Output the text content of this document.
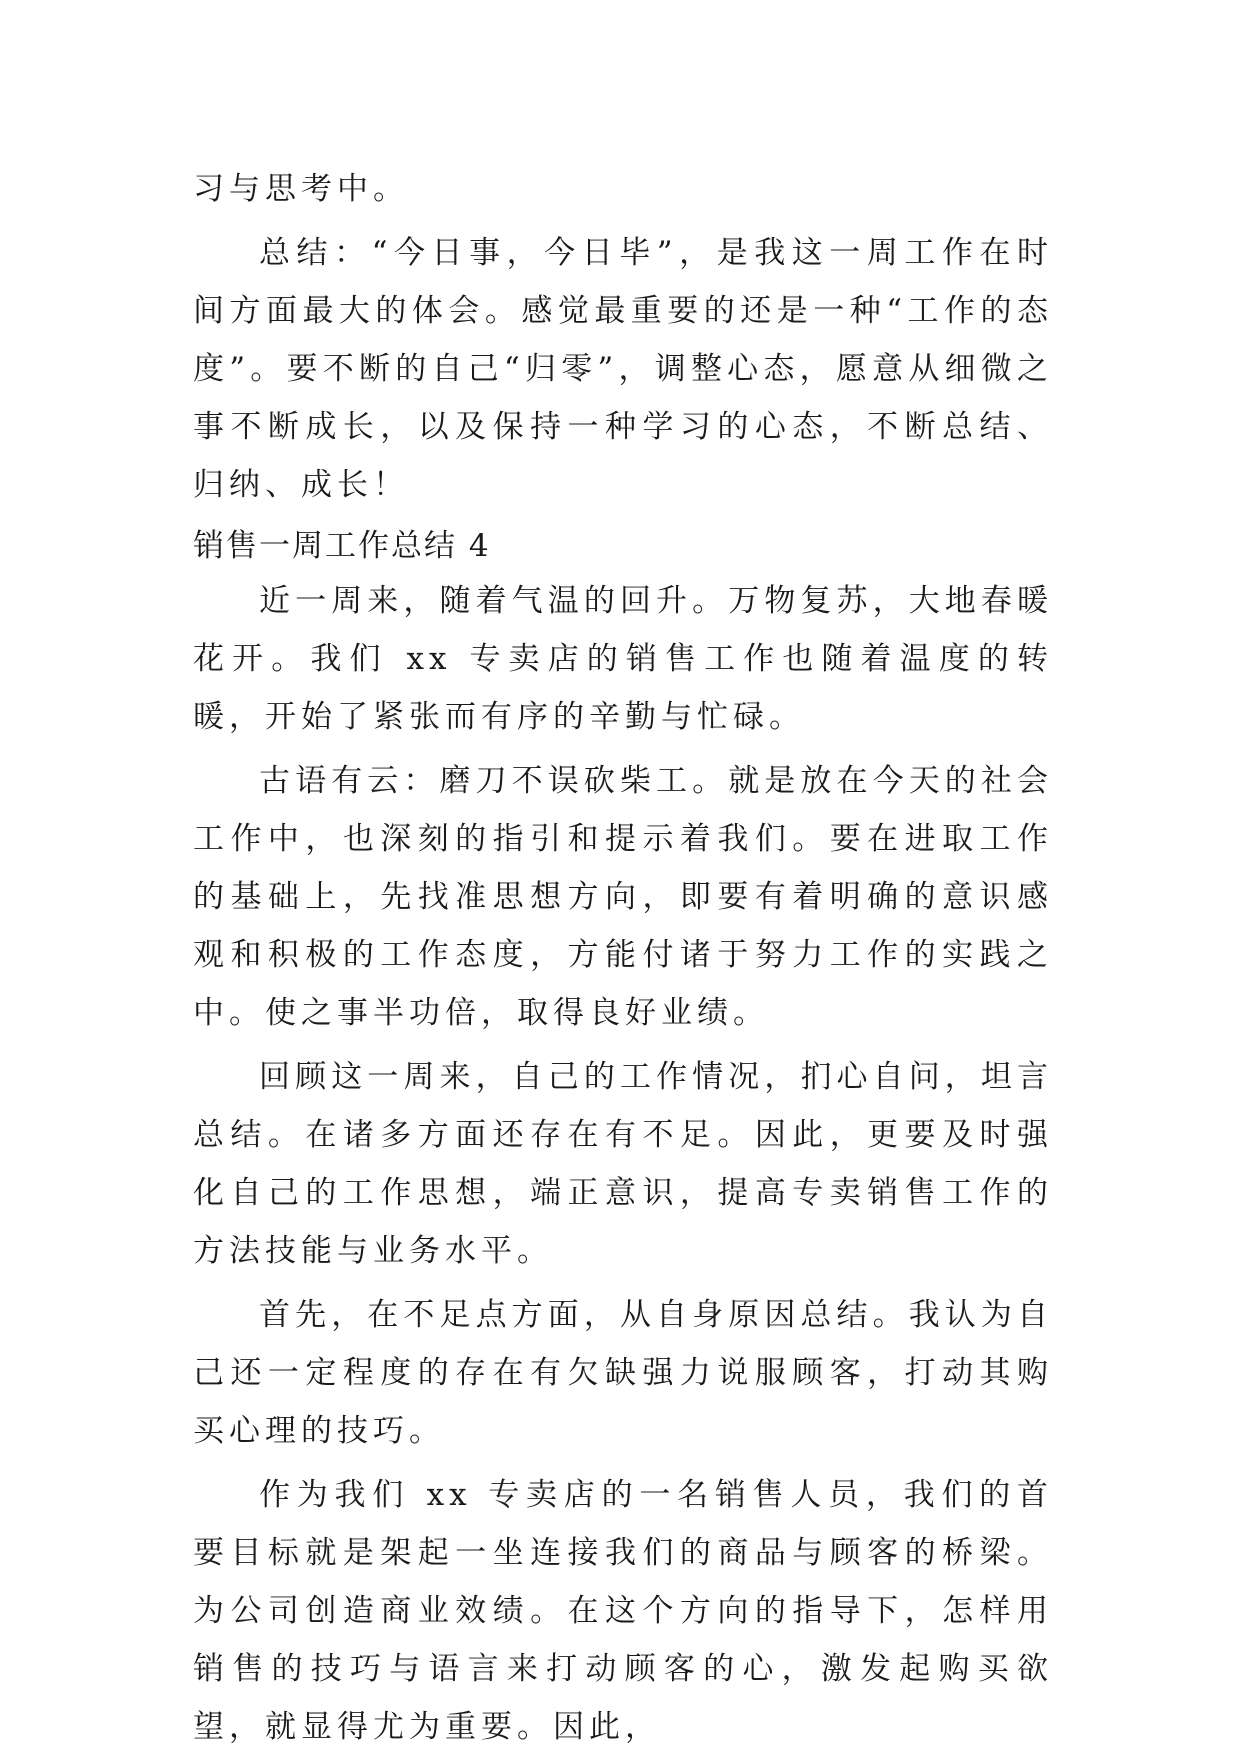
习与思考中。

总结：“今日事，今日毕”，是我这一周工作在时间方面最大的体会。感觉最重要的还是一种“工作的态度”。要不断的自己“归零”，调整心态，愿意从细微之事不断成长，以及保持一种学习的心态，不断总结、归纳、成长！

销售一周工作总结 4

近一周来，随着气温的回升。万物复苏，大地春暖花开。我们 xx 专卖店的销售工作也随着温度的转暖，开始了紧张而有序的辛勤与忙碌。

古语有云：磨刀不误砍柴工。就是放在今天的社会工作中，也深刻的指引和提示着我们。要在进取工作的基础上，先找准思想方向，即要有着明确的意识感观和积极的工作态度，方能付诸于努力工作的实践之中。使之事半功倍，取得良好业绩。

回顾这一周来，自己的工作情况，扪心自问，坦言总结。在诸多方面还存在有不足。因此，更要及时强化自己的工作思想，端正意识，提高专卖销售工作的方法技能与业务水平。

首先，在不足点方面，从自身原因总结。我认为自己还一定程度的存在有欠缺强力说服顾客，打动其购买心理的技巧。

作为我们 xx 专卖店的一名销售人员，我们的首要目标就是架起一坐连接我们的商品与顾客的桥梁。为公司创造商业效绩。在这个方向的指导下，怎样用销售的技巧与语言来打动顾客的心，激发起购买欲望，就显得尤为重要。因此，
